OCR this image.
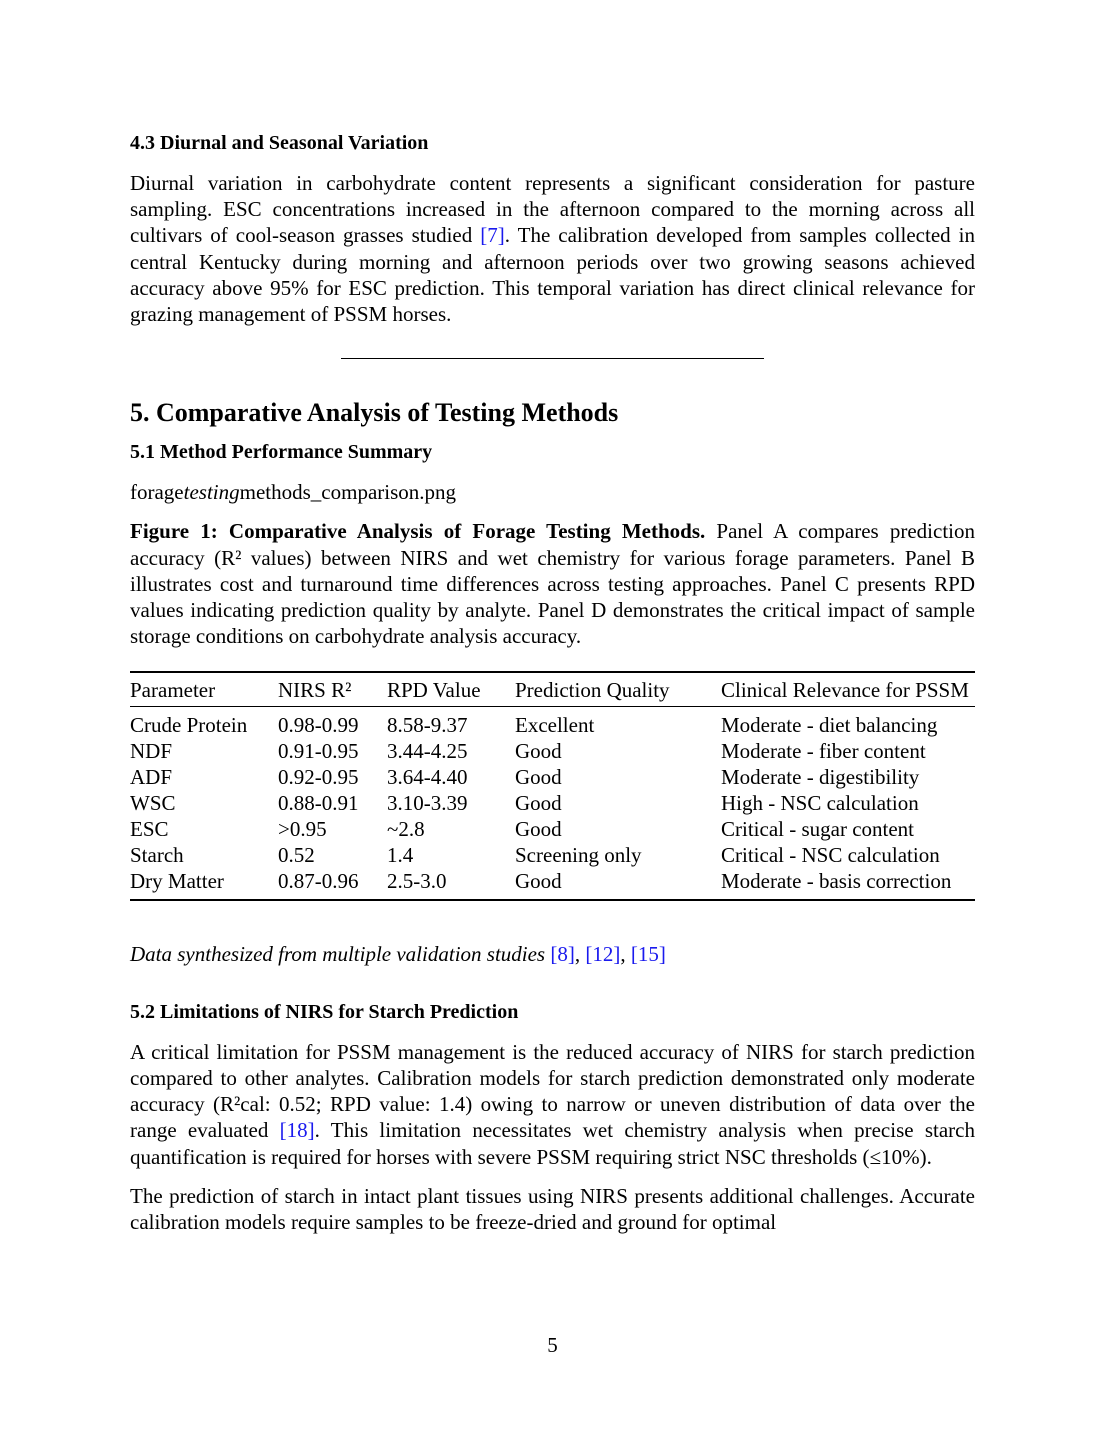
4.3 Diurnal and Seasonal Variation

Diurnal variation in carbohydrate content represents a significant consideration for pasture sampling. ESC concentrations increased in the afternoon compared to the morning across all cultivars of cool-season grasses studied [7]. The calibration developed from samples collected in central Kentucky during morning and afternoon periods over two growing seasons achieved accuracy above 95% for ESC prediction. This temporal variation has direct clinical relevance for grazing management of PSSM horses.

5. Comparative Analysis of Testing Methods
5.1 Method Performance Summary

foragetestingmethods_comparison.png

Figure 1: Comparative Analysis of Forage Testing Methods. Panel A compares prediction accuracy (R² values) between NIRS and wet chemistry for various forage parameters. Panel B illustrates cost and turnaround time differences across testing approaches. Panel C presents RPD values indicating prediction quality by analyte. Panel D demonstrates the critical impact of sample storage conditions on carbohydrate analysis accuracy.

Parameter	NIRS R²	RPD Value	Prediction Quality	Clinical Relevance for PSSM
Crude Protein	0.98-0.99	8.58-9.37	Excellent	Moderate - diet balancing
NDF	0.91-0.95	3.44-4.25	Good	Moderate - fiber content
ADF	0.92-0.95	3.64-4.40	Good	Moderate - digestibility
WSC	0.88-0.91	3.10-3.39	Good	High - NSC calculation
ESC	>0.95	~2.8	Good	Critical - sugar content
Starch	0.52	1.4	Screening only	Critical - NSC calculation
Dry Matter	0.87-0.96	2.5-3.0	Good	Moderate - basis correction

Data synthesized from multiple validation studies [8], [12], [15]

5.2 Limitations of NIRS for Starch Prediction

A critical limitation for PSSM management is the reduced accuracy of NIRS for starch prediction compared to other analytes. Calibration models for starch prediction demonstrated only moderate accuracy (R²cal: 0.52; RPD value: 1.4) owing to narrow or uneven distribution of data over the range evaluated [18]. This limitation necessitates wet chemistry analysis when precise starch quantification is required for horses with severe PSSM requiring strict NSC thresholds (≤10%).

The prediction of starch in intact plant tissues using NIRS presents additional challenges. Accurate calibration models require samples to be freeze-dried and ground for optimal

5
